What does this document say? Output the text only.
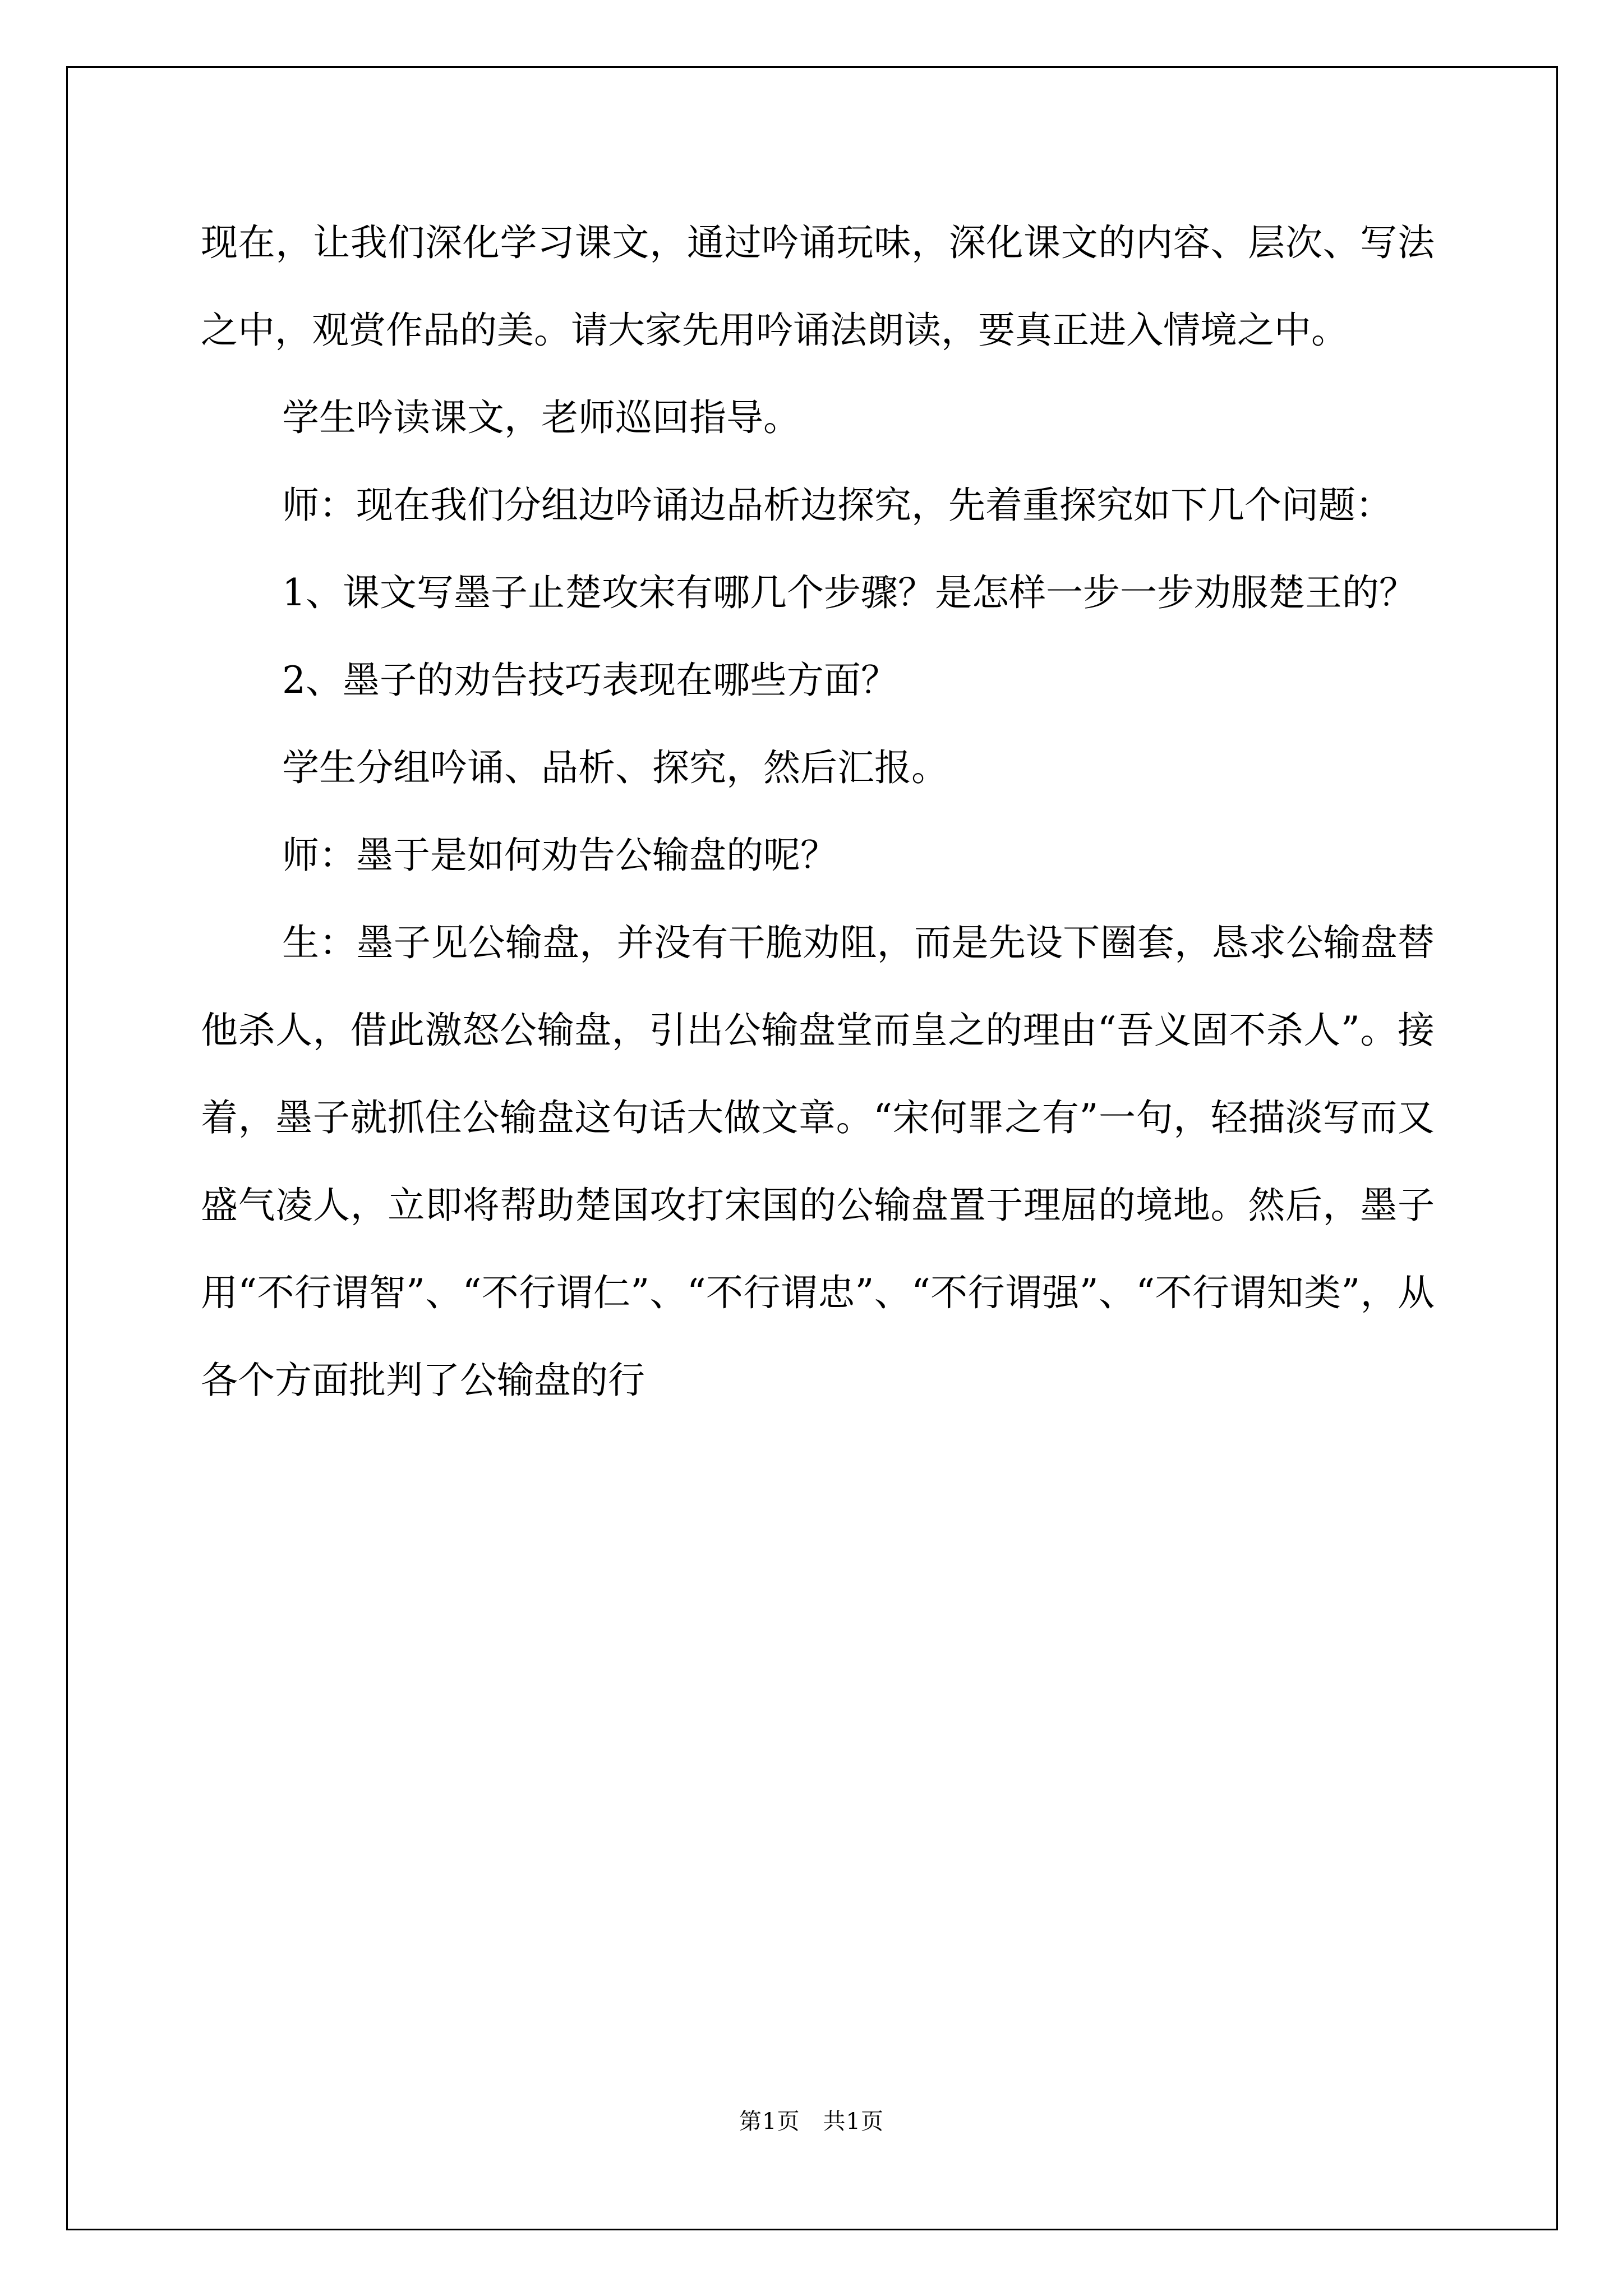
现在，让我们深化学习课文，通过吟诵玩味，深化课文的内容、层次、写法之中，观赏作品的美。请大家先用吟诵法朗读，要真正进入情境之中。

学生吟读课文，老师巡回指导。

师：现在我们分组边吟诵边品析边探究，先着重探究如下几个问题：

1、课文写墨子止楚攻宋有哪几个步骤？是怎样一步一步劝服楚王的？

2、墨子的劝告技巧表现在哪些方面？

学生分组吟诵、品析、探究，然后汇报。

师：墨于是如何劝告公输盘的呢？

生：墨子见公输盘，并没有干脆劝阻，而是先设下圈套，恳求公输盘替他杀人，借此激怒公输盘，引出公输盘堂而皇之的理由“吾义固不杀人”。接着，墨子就抓住公输盘这句话大做文章。“宋何罪之有”一句，轻描淡写而又盛气凌人，立即将帮助楚国攻打宋国的公输盘置于理屈的境地。然后，墨子用“不行谓智”、“不行谓仁”、“不行谓忠”、“不行谓强”、“不行谓知类”，从各个方面批判了公输盘的行

第1页　共1页
